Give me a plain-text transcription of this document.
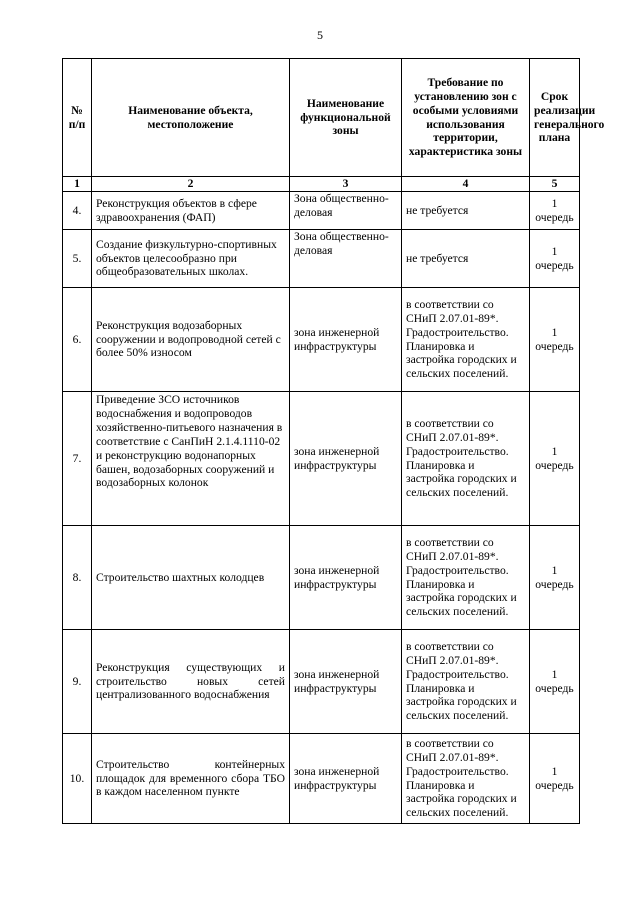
5
№ п/п	Наименование объекта, местоположение	Наименование функциональной зоны	Требование по установлению зон с особыми условиями использования территории, характеристика зоны	Срок реализации генерального плана
1	2	3	4	5
4.	Реконструкция объектов в сфере здравоохранения (ФАП)	Зона общественно-деловая	не требуется	1 очередь
5.	Создание физкультурно-спортивных объектов целесообразно при общеобразовательных школах.	Зона общественно-деловая	не требуется	1 очередь
6.	Реконструкция водозаборных сооружении и водопроводной сетей с более 50% износом	зона инженерной инфраструктуры	в соответствии со СНиП 2.07.01-89*. Градостроительство. Планировка и застройка городских и сельских поселений.	1 очередь
7.	Приведение ЗСО источников водоснабжения и водопроводов хозяйственно-питьевого назначения в соответствие с СанПиН 2.1.4.1110-02 и реконструкцию водонапорных башен, водозаборных сооружений и водозаборных колонок	зона инженерной инфраструктуры	в соответствии со СНиП 2.07.01-89*. Градостроительство. Планировка и застройка городских и сельских поселений.	1 очередь
8.	Строительство шахтных колодцев	зона инженерной инфраструктуры	в соответствии со СНиП 2.07.01-89*. Градостроительство. Планировка и застройка городских и сельских поселений.	1 очередь
9.	Реконструкция существующих и строительство новых сетей централизованного водоснабжения	зона инженерной инфраструктуры	в соответствии со СНиП 2.07.01-89*. Градостроительство. Планировка и застройка городских и сельских поселений.	1 очередь
10.	Строительство контейнерных площадок для временного сбора ТБО в каждом населенном пункте	зона инженерной инфраструктуры	в соответствии со СНиП 2.07.01-89*. Градостроительство. Планировка и застройка городских и сельских поселений.	1 очередь
